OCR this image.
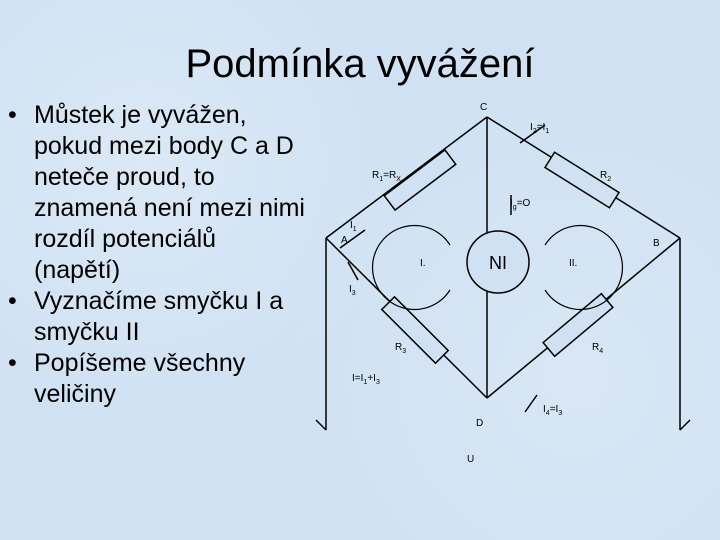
Podmínka vyvážení
• Můstek je vyvážen, pokud mezi body C a D neteče proud, to znamená není mezi nimi rozdíl potenciálů (napětí)
• Vyznačíme smyčku I a smyčku II
• Popíšeme všechny veličiny
NI
C
A	B
D
U
$R_1=R_X$	$R_2$
$R_3$	$R_4$
$I_2=I_1$
$I_g=O$
$I_1$
$I_3$
$I=I_1+I_3$
$I_4=I_3$
I.	II.
